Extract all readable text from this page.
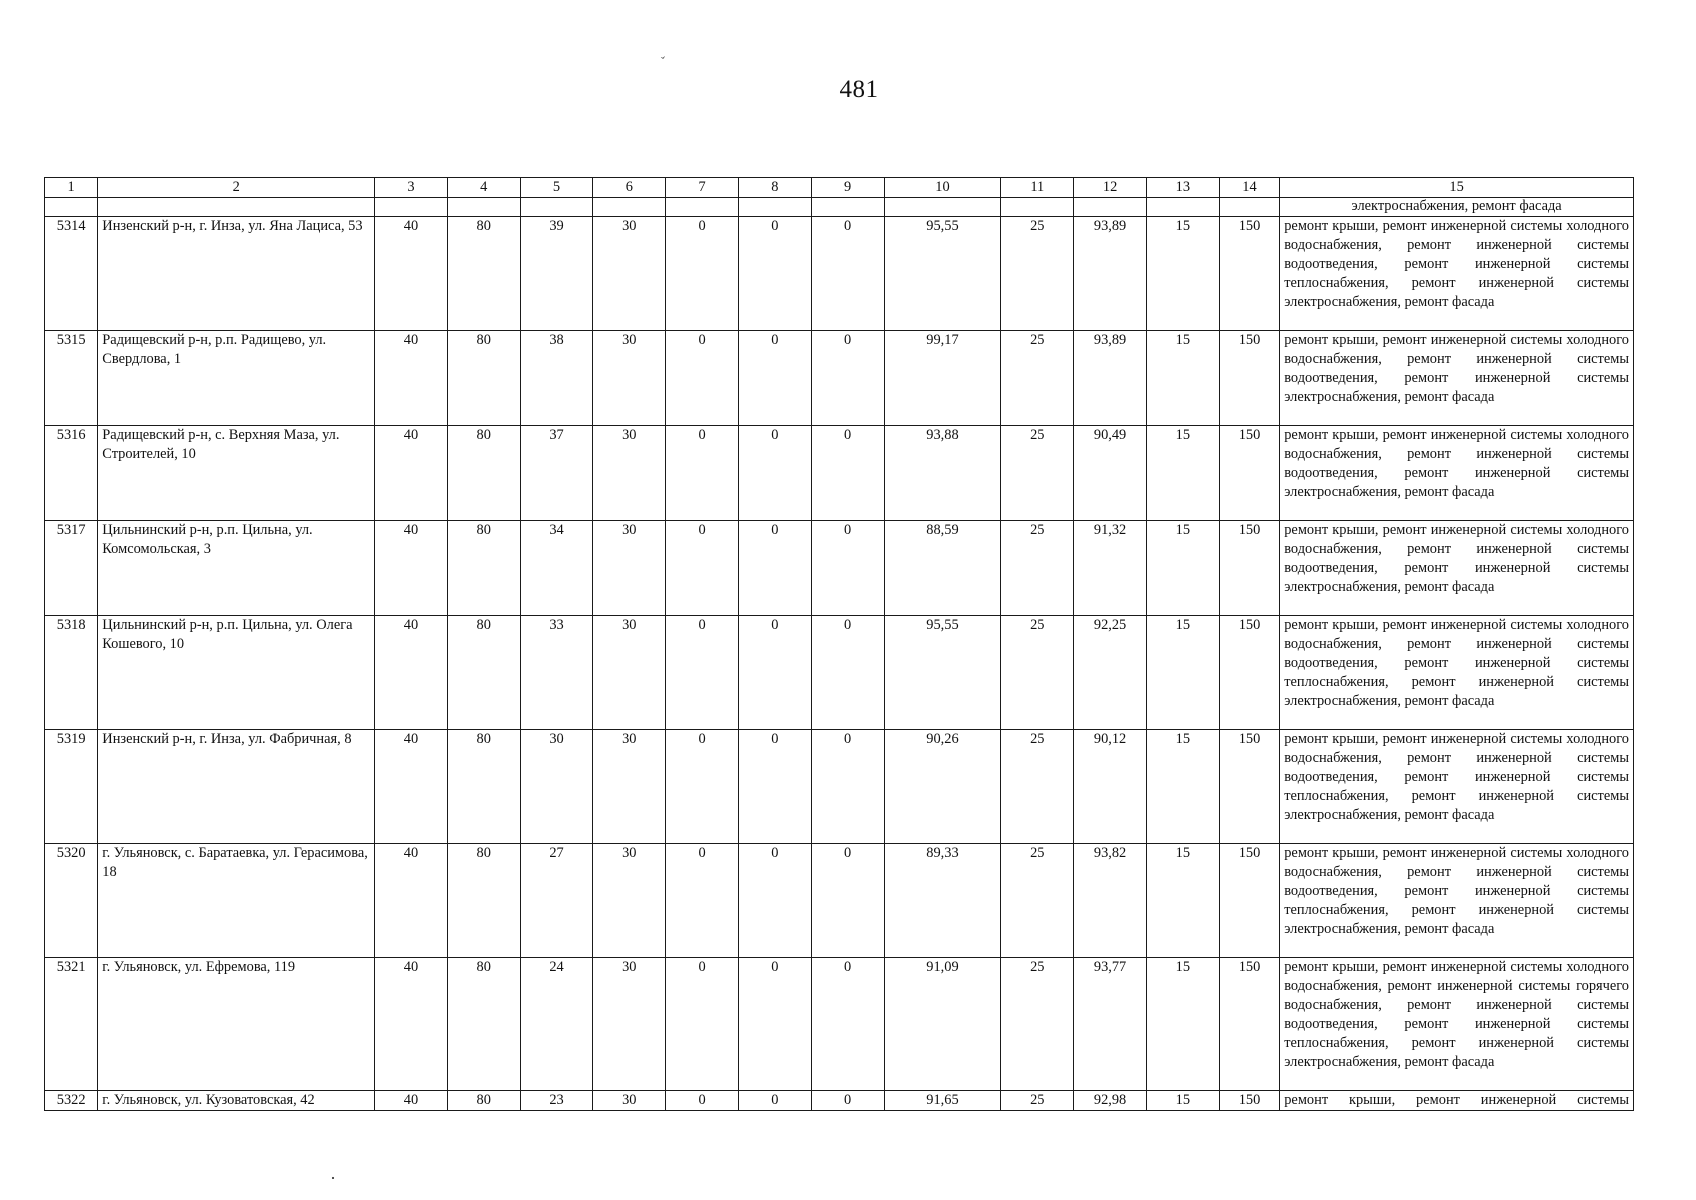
481
ˇ
·
1	2	3	4	5	6	7	8	9	10	11	12	13	14	15
														электроснабжения, ремонт фасада
5314	Инзенский р-н, г. Инза, ул. Яна Лациса, 53	40	80	39	30	0	0	0	95,55	25	93,89	15	150	ремонт крыши, ремонт инженерной системы холодного водоснабжения, ремонт инженерной системы водоотведения, ремонт инженерной системы теплоснабжения, ремонт инженерной системы электроснабжения, ремонт фасада
5315	Радищевский р-н, р.п. Радищево, ул. Свердлова, 1	40	80	38	30	0	0	0	99,17	25	93,89	15	150	ремонт крыши, ремонт инженерной системы холодного водоснабжения, ремонт инженерной системы водоотведения, ремонт инженерной системы электроснабжения, ремонт фасада
5316	Радищевский р-н, с. Верхняя Маза, ул. Строителей, 10	40	80	37	30	0	0	0	93,88	25	90,49	15	150	ремонт крыши, ремонт инженерной системы холодного водоснабжения, ремонт инженерной системы водоотведения, ремонт инженерной системы электроснабжения, ремонт фасада
5317	Цильнинский р-н, р.п. Цильна, ул. Комсомольская, 3	40	80	34	30	0	0	0	88,59	25	91,32	15	150	ремонт крыши, ремонт инженерной системы холодного водоснабжения, ремонт инженерной системы водоотведения, ремонт инженерной системы электроснабжения, ремонт фасада
5318	Цильнинский р-н, р.п. Цильна, ул. Олега Кошевого, 10	40	80	33	30	0	0	0	95,55	25	92,25	15	150	ремонт крыши, ремонт инженерной системы холодного водоснабжения, ремонт инженерной системы водоотведения, ремонт инженерной системы теплоснабжения, ремонт инженерной системы электроснабжения, ремонт фасада
5319	Инзенский р-н, г. Инза, ул. Фабричная, 8	40	80	30	30	0	0	0	90,26	25	90,12	15	150	ремонт крыши, ремонт инженерной системы холодного водоснабжения, ремонт инженерной системы водоотведения, ремонт инженерной системы теплоснабжения, ремонт инженерной системы электроснабжения, ремонт фасада
5320	г. Ульяновск, с. Баратаевка, ул. Герасимова, 18	40	80	27	30	0	0	0	89,33	25	93,82	15	150	ремонт крыши, ремонт инженерной системы холодного водоснабжения, ремонт инженерной системы водоотведения, ремонт инженерной системы теплоснабжения, ремонт инженерной системы электроснабжения, ремонт фасада
5321	г. Ульяновск, ул. Ефремова, 119	40	80	24	30	0	0	0	91,09	25	93,77	15	150	ремонт крыши, ремонт инженерной системы холодного водоснабжения, ремонт инженерной системы горячего водоснабжения, ремонт инженерной системы водоотведения, ремонт инженерной системы теплоснабжения, ремонт инженерной системы электроснабжения, ремонт фасада
5322	г. Ульяновск, ул. Кузоватовская, 42	40	80	23	30	0	0	0	91,65	25	92,98	15	150	ремонт крыши, ремонт инженерной системы
